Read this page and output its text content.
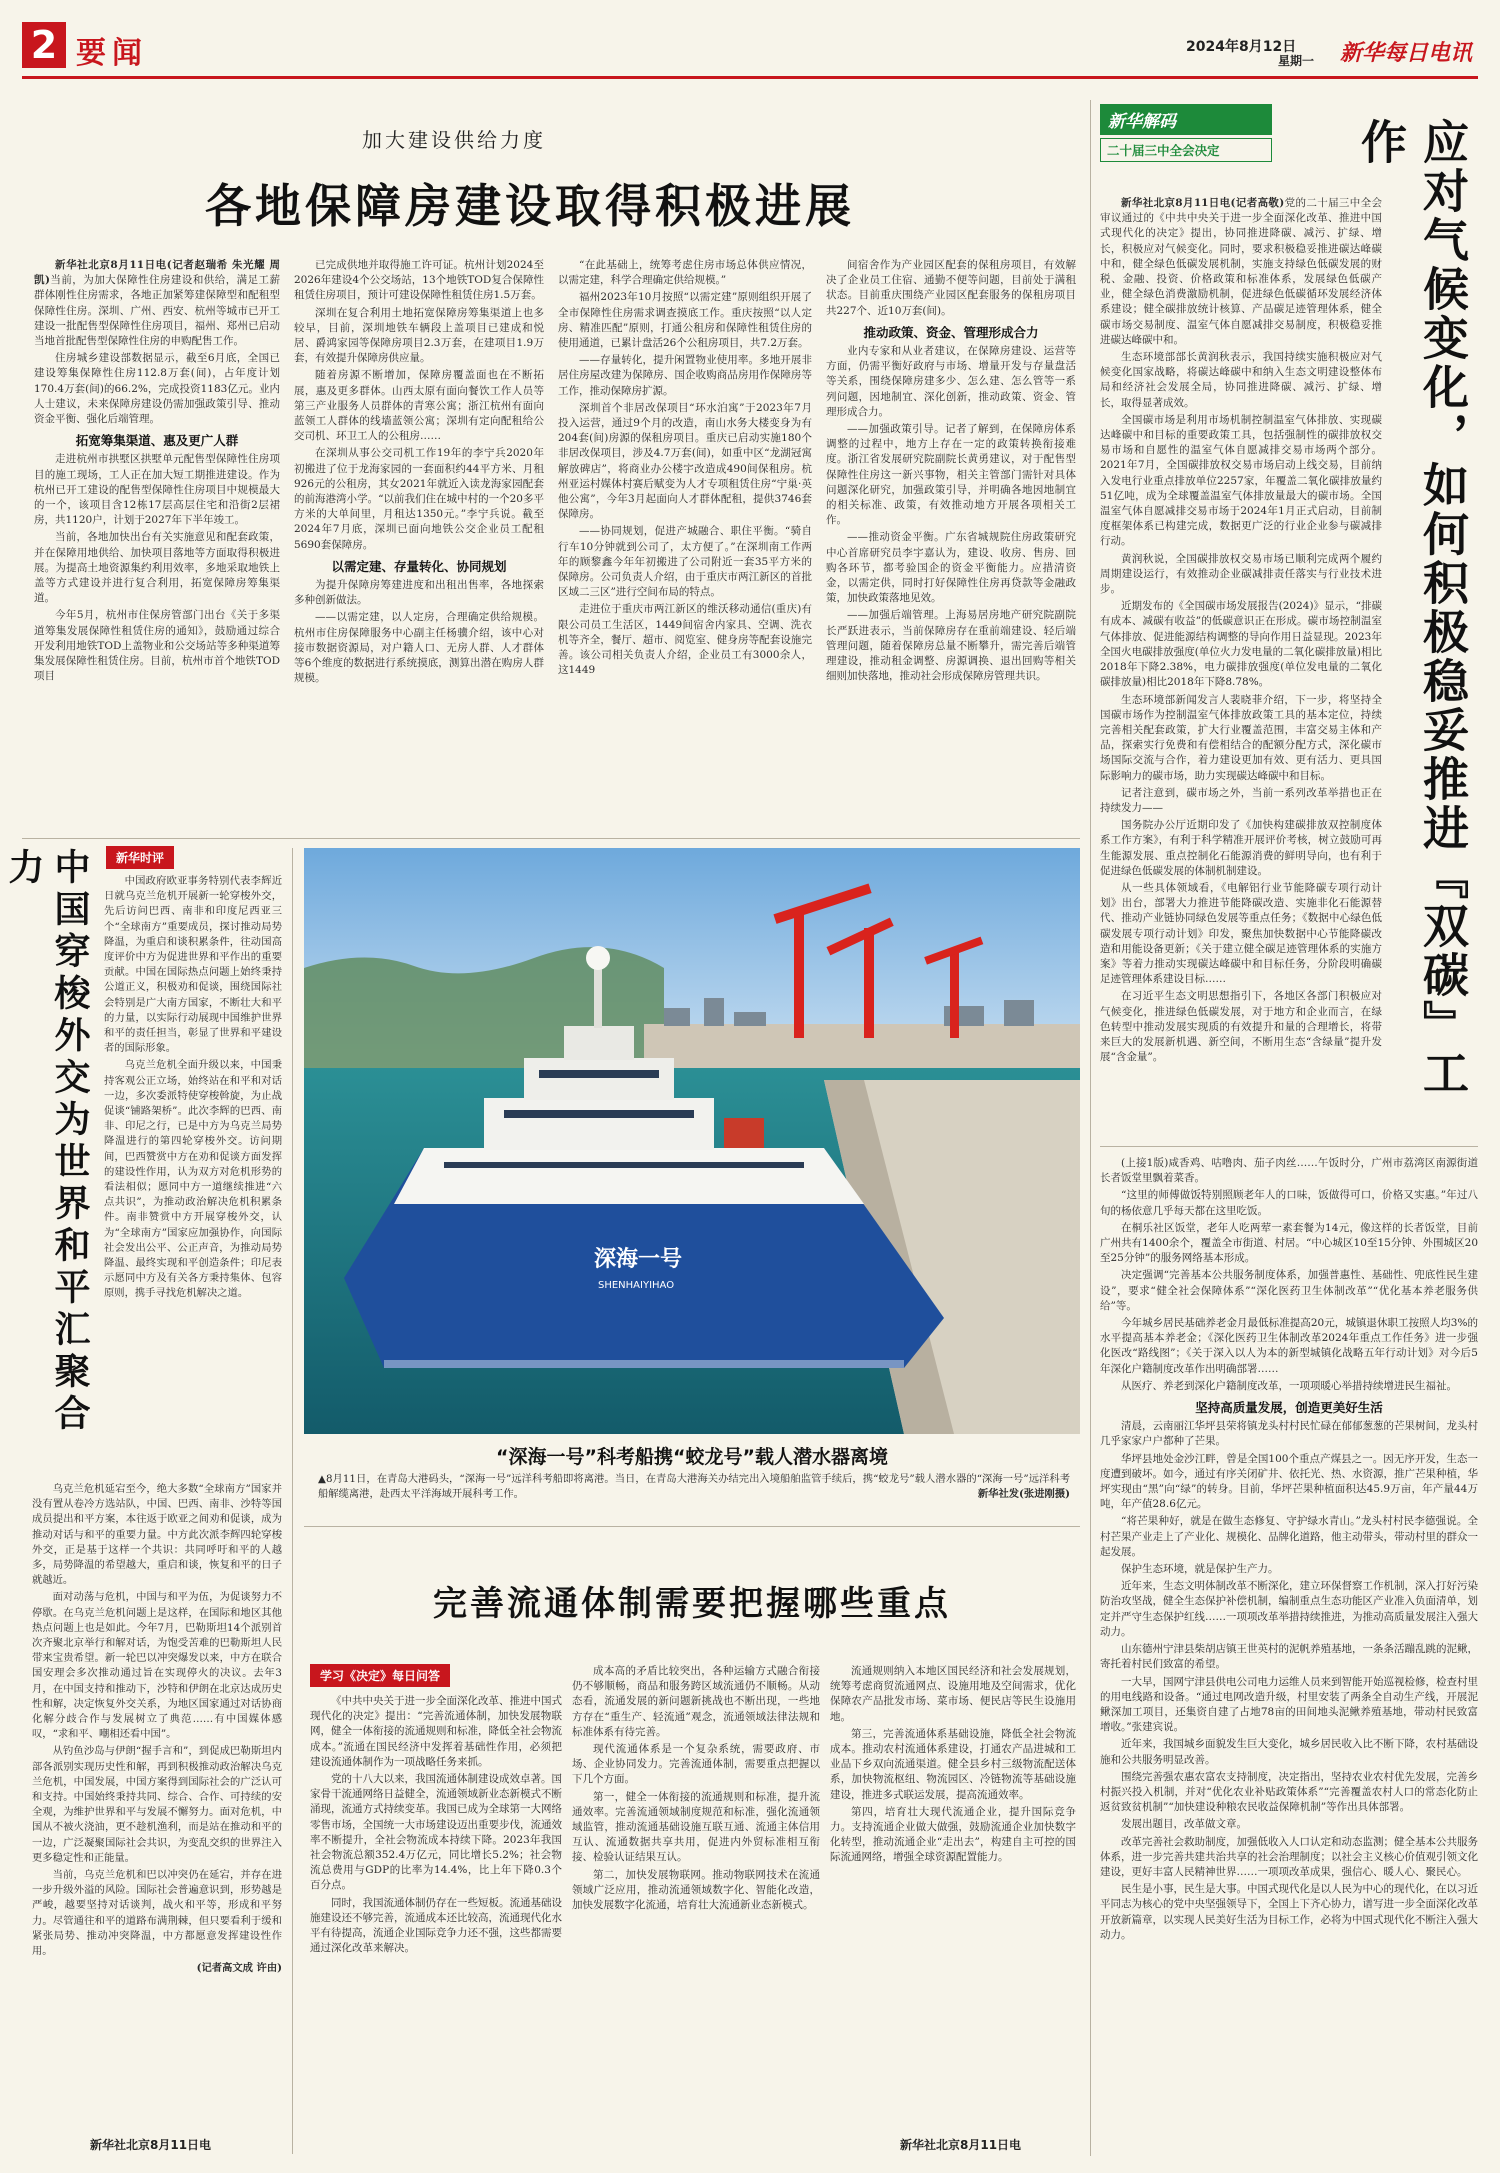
2 要闻	2024年8月12日
星期一 新华每日电讯
加大建设供给力度
各地保障房建设取得积极进展

新华社北京8月11日电(记者赵瑞希 朱光耀 周凯)当前，为加大保障性住房建设和供给，满足工薪群体刚性住房需求，各地正加紧筹建保障型和配租型保障性住房。深圳、广州、西安、杭州等城市已开工建设一批配售型保障性住房项目，福州、郑州已启动当地首批配售型保障性住房的申购配售工作。

住房城乡建设部数据显示，截至6月底，全国已建设筹集保障性住房112.8万套(间)，占年度计划170.4万套(间)的66.2%，完成投资1183亿元。业内人士建议，未来保障房建设仍需加强政策引导、推动资金平衡、强化后端管理。

拓宽筹集渠道、惠及更广人群

走进杭州市拱墅区拱墅单元配售型保障性住房项目的施工现场，工人正在加大短工期推进建设。作为杭州已开工建设的配售型保障性住房项目中规模最大的一个，该项目含12栋17层高层住宅和沿街2层裙房，共1120户，计划于2027年下半年竣工。

当前，各地加快出台有关实施意见和配套政策，并在保障用地供给、加快项目落地等方面取得积极进展。为提高土地资源集约利用效率，多地采取地铁上盖等方式建设并进行复合利用，拓宽保障房筹集渠道。

今年5月，杭州市住保房管部门出台《关于多渠道筹集发展保障性租赁住房的通知》，鼓励通过综合开发利用地铁TOD上盖物业和公交场站等多种渠道筹集发展保障性租赁住房。目前，杭州市首个地铁TOD项目

已完成供地并取得施工许可证。杭州计划2024至2026年建设4个公交场站，13个地铁TOD复合保障性租赁住房项目，预计可建设保障性租赁住房1.5万套。

深圳在复合利用土地拓宽保障房筹集渠道上也多较早，目前，深圳地铁车辆段上盖项目已建成和悦居、爵鸿家园等保障房项目2.3万套，在建项目1.9万套，有效提升保障房供应量。

随着房源不断增加，保障房覆盖面也在不断拓展，惠及更多群体。山西太原有面向餐饮工作人员等第三产业服务人员群体的青寒公寓；浙江杭州有面向蓝领工人群体的线墙蓝领公寓；深圳有定向配租给公交司机、环卫工人的公租房……

在深圳从事公交司机工作19年的李宁兵2020年初搬进了位于龙海家园的一套面积约44平方米、月租926元的公租房，其女2021年就近入读龙海家园配套的前海港湾小学。“以前我们住在城中村的一个20多平方米的大单间里，月租达1350元。”李宁兵说。截至2024年7月底，深圳已面向地铁公交企业员工配租5690套保障房。

以需定建、存量转化、协同规划

为提升保障房筹建进度和出租出售率，各地探索多种创新做法。

——以需定建，以人定房，合理确定供给规模。杭州市住房保障服务中心副主任杨骥介绍，该中心对接市数据资源局，对户籍人口、无房人群、人才群体等6个维度的数据进行系统摸底，测算出潜在购房人群规模。

“在此基础上，统筹考虑住房市场总体供应情况，以需定建，科学合理确定供给规模。”

福州2023年10月按照“以需定建”原则组织开展了全市保障性住房需求调查摸底工作。重庆按照“以人定房、精准匹配”原则，打通公租房和保障性租赁住房的使用通道，已累计盘活26个公租房项目，共7.2万套。

——存量转化，提升闲置物业使用率。多地开展非居住房屋改建为保障房、国企收购商品房用作保障房等工作，推动保障房扩源。

深圳首个非居改保项目“环水泊寓”于2023年7月投入运营，通过9个月的改造，南山水务大楼变身为有204套(间)房源的保租房项目。重庆已启动实施180个非居改保项目，涉及4.7万套(间)，如重中区“龙湖冠寓解放碑店”，将商业办公楼宇改造成490间保租房。杭州亚运村媒体村赛后赋变为人才专项租赁住房“宁巢·英他公寓”，今年3月起面向人才群体配租，提供3746套保障房。

——协同规划，促进产城融合、职住平衡。“骑自行车10分钟就到公司了，太方便了。”在深圳南工作两年的顾黎鑫今年年初搬进了公司附近一套35平方米的保障房。公司负责人介绍，由于重庆市两江新区的首批区域二三区”进行空间布局的特点。

走进位于重庆市两江新区的维沃移动通信(重庆)有限公司员工生活区，1449间宿舍内家具、空调、洗衣机等齐全，餐厅、超市、阅览室、健身房等配套设施完善。该公司相关负责人介绍，企业员工有3000余人，这1449

间宿舍作为产业园区配套的保租房项目，有效解决了企业员工住宿、通勤不便等问题，目前处于满租状态。目前重庆围绕产业园区配套服务的保租房项目共227个、近10万套(间)。

推动政策、资金、管理形成合力

业内专家和从业者建议，在保障房建设、运营等方面，仍需平衡好政府与市场、增量开发与存量盘活等关系，围绕保障房建多少、怎么建、怎么管等一系列问题，因地制宜、深化创新，推动政策、资金、管理形成合力。

——加强政策引导。记者了解到，在保障房体系调整的过程中，地方上存在一定的政策转换衔接难度。浙江省发展研究院副院长黄勇建议，对于配售型保障性住房这一新兴事物，相关主管部门需针对具体问题深化研究，加强政策引导，并明确各地因地制宜的相关标准、政策，有效推动地方开展各项相关工作。

——推动资金平衡。广东省城规院住房政策研究中心首席研究员李宇嘉认为，建设、收房、售房、回购各环节，都考验国企的资金平衡能力。应措清资金，以需定供，同时打好保障性住房再贷款等金融政策，加快政策落地见效。

——加强后端管理。上海易居房地产研究院副院长严跃进表示，当前保障房存在重前端建设、轻后端管理问题，随着保障房总量不断攀升，需完善后端管理建设，推动租金调整、房源调换、退出回购等相关细则加快落地，推动社会形成保障房管理共识。

新华解码
二十届三中全会决定	应对气候变化，如何积极稳妥推进『双碳』工作

新华社北京8月11日电(记者高敬)党的二十届三中全会审议通过的《中共中央关于进一步全面深化改革、推进中国式现代化的决定》提出，协同推进降碳、减污、扩绿、增长，积极应对气候变化。同时，要求积极稳妥推进碳达峰碳中和，健全绿色低碳发展机制，实施支持绿色低碳发展的财税、金融、投资、价格政策和标准体系，发展绿色低碳产业，健全绿色消费激励机制，促进绿色低碳循环发展经济体系建设；健全碳排放统计核算、产品碳足迹管理体系，健全碳市场交易制度、温室气体自愿减排交易制度，积极稳妥推进碳达峰碳中和。

生态环境部部长黄润秋表示，我国持续实施积极应对气候变化国家战略，将碳达峰碳中和纳入生态文明建设整体布局和经济社会发展全局，协同推进降碳、减污、扩绿、增长，取得显著成效。

全国碳市场是利用市场机制控制温室气体排放、实现碳达峰碳中和目标的重要政策工具，包括强制性的碳排放权交易市场和自愿性的温室气体自愿减排交易市场两个部分。2021年7月，全国碳排放权交易市场启动上线交易，目前纳入发电行业重点排放单位2257家，年覆盖二氧化碳排放量约51亿吨，成为全球覆盖温室气体排放量最大的碳市场。全国温室气体自愿减排交易市场于2024年1月正式启动，目前制度框架体系已构建完成，数据更广泛的行业企业参与碳减排行动。

黄润秋说，全国碳排放权交易市场已顺利完成两个履约周期建设运行，有效推动企业碳减排责任落实与行业技术进步。

近期发布的《全国碳市场发展报告(2024)》显示，“排碳有成本、减碳有收益”的低碳意识正在形成。碳市场控制温室气体排放、促进能源结构调整的导向作用日益显现。2023年全国火电碳排放强度(单位火力发电量的二氧化碳排放量)相比2018年下降2.38%，电力碳排放强度(单位发电量的二氧化碳排放量)相比2018年下降8.78%。

生态环境部新闻发言人裴晓菲介绍，下一步，将坚持全国碳市场作为控制温室气体排放政策工具的基本定位，持续完善相关配套政策，扩大行业覆盖范围，丰富交易主体和产品，探索实行免费和有偿相结合的配额分配方式，深化碳市场国际交流与合作，着力建设更加有效、更有活力、更具国际影响力的碳市场，助力实现碳达峰碳中和目标。

记者注意到，碳市场之外，当前一系列改革举措也正在持续发力——

国务院办公厅近期印发了《加快构建碳排放双控制度体系工作方案》，有利于科学精准开展评价考核，树立鼓励可再生能源发展、重点控制化石能源消费的鲜明导向，也有利于促进绿色低碳发展的体制机制建设。

从一些具体领域看，《电解铝行业节能降碳专项行动计划》出台，部署大力推进节能降碳改造、实施非化石能源替代、推动产业链协同绿色发展等重点任务；《数据中心绿色低碳发展专项行动计划》印发，聚焦加快数据中心节能降碳改造和用能设备更新；《关于建立健全碳足迹管理体系的实施方案》等着力推动实现碳达峰碳中和目标任务，分阶段明确碳足迹管理体系建设目标……

在习近平生态文明思想指引下，各地区各部门积极应对气候变化，推进绿色低碳发展，对于地方和企业而言，在绿色转型中推动发展实现质的有效提升和量的合理增长，将带来巨大的发展新机遇、新空间，不断用生态“含绿量”提升发展“含金量”。

(上接1版)咸香鸡、咕噜肉、茄子肉丝……午饭时分，广州市荔湾区南源街道长者饭堂里飘着菜香。

“这里的师傅做饭特别照顾老年人的口味，饭做得可口，价格又实惠。”年过八旬的杨依意几乎每天都在这里吃饭。

在桐乐社区饭堂，老年人吃两荤一素套餐为14元，像这样的长者饭堂，目前广州共有1400余个，覆盖全市街道、村居。“中心城区10至15分钟、外围城区20至25分钟”的服务网络基本形成。

决定强调“完善基本公共服务制度体系，加强普惠性、基础性、兜底性民生建设”，要求“健全社会保障体系”“深化医药卫生体制改革”“优化基本养老服务供给”等。

今年城乡居民基础养老金月最低标准提高20元，城镇退休职工按照人均3%的水平提高基本养老金；《深化医药卫生体制改革2024年重点工作任务》进一步强化医改“路线图”；《关于深入以人为本的新型城镇化战略五年行动计划》对今后5年深化户籍制度改革作出明确部署……

从医疗、养老到深化户籍制度改革，一项项暖心举措持续增进民生福祉。

坚持高质量发展，创造更美好生活

清晨，云南丽江华坪县荣将镇龙头村村民忙碌在郁郁葱葱的芒果树间，龙头村几乎家家户户都种了芒果。

华坪县地处金沙江畔，曾是全国100个重点产煤县之一。因无序开发，生态一度遭到破坏。如今，通过有序关闭矿井、依托光、热、水资源，推广芒果种植，华坪实现由“黑”向“绿”的转身。目前，华坪芒果种植面积达45.9万亩，年产量44万吨，年产值28.6亿元。

“将芒果种好，就是在做生态修复、守护绿水青山。”龙头村村民李德强说。全村芒果产业走上了产业化、规模化、品牌化道路，他主动带头，带动村里的群众一起发展。

保护生态环境，就是保护生产力。

近年来，生态文明体制改革不断深化，建立环保督察工作机制，深入打好污染防治攻坚战，健全生态保护补偿机制，编制重点生态功能区产业准入负面清单，划定并严守生态保护红线……一项项改革举措持续推进，为推动高质量发展注入强大动力。

山东德州宁津县柴胡店镇王世英村的泥帆养殖基地，一条条活蹦乱跳的泥鳅，寄托着村民们致富的希望。

一大早，国网宁津县供电公司电力运维人员来到智能开始巡视检修，检查村里的用电线路和设备。“通过电网改造升级，村里安装了两条全自动生产线，开展泥鳅深加工项目，还集资自建了占地78亩的田间地头泥鳅养殖基地，带动村民致富增收。”张建宾说。

近年来，我国城乡面貌发生巨大变化，城乡居民收入比不断下降，农村基础设施和公共服务明显改善。

围绕完善强农惠农富农支持制度，决定指出，坚持农业农村优先发展，完善乡村振兴投入机制，并对“优化农业补贴政策体系”“完善覆盖农村人口的常态化防止返贫致贫机制”“加快建设种粮农民收益保障机制”等作出具体部署。

发展出题目，改革做文章。

改革完善社会救助制度，加强低收入人口认定和动态监测；健全基本公共服务体系，进一步完善共建共治共享的社会治理制度；以社会主义核心价值观引领文化建设，更好丰富人民精神世界……一项项改革成果，强信心、暖人心、聚民心。

民生是小事，民生是大事。中国式现代化是以人民为中心的现代化，在以习近平同志为核心的党中央坚强领导下，全国上下齐心协力，谱写进一步全面深化改革开放新篇章，以实现人民美好生活为目标工作，必将为中国式现代化不断注入强大动力。

中国穿梭外交为世界和平汇聚合力	新华时评

中国政府欧亚事务特别代表李辉近日就乌克兰危机开展新一轮穿梭外交，先后访问巴西、南非和印度尼西亚三个“全球南方”重要成员，探讨推动局势降温，为重启和谈积累条件，往动国高度评价中方为促进世界和平作出的重要贡献。中国在国际热点问题上始终秉持公道正义，积极劝和促谈，围绕国际社会特别是广大南方国家，不断壮大和平的力量，以实际行动展现中国维护世界和平的责任担当，彰显了世界和平建设者的国际形象。

乌克兰危机全面升级以来，中国秉持客观公正立场，始终站在和平和对话一边，多次委派特使穿梭斡旋，为止战促谈“铺路架桥”。此次李辉的巴西、南非、印尼之行，已是中方为乌克兰局势降温进行的第四轮穿梭外交。访问期间，巴西赞赏中方在劝和促谈方面发挥的建设性作用，认为双方对危机形势的看法相似；愿同中方一道继续推进“六点共识”，为推动政治解决危机积累条件。南非赞赏中方开展穿梭外交，认为“全球南方”国家应加强协作，向国际社会发出公平、公正声音，为推动局势降温、最终实现和平创造条件；印尼表示愿同中方及有关各方秉持集体、包容原则，携手寻找危机解决之道。

乌克兰危机延宕至今，绝大多数“全球南方”国家并没有置从卷冷方选站队，中国、巴西、南非、沙特等国成员提出和平方案，本往返于欧亚之间劝和促谈，成为推动对话与和平的重要力量。中方此次派李辉四轮穿梭外交，正是基于这样一个共识：共同呼吁和平的人越多，局势降温的希望越大，重启和谈，恢复和平的日子就越近。

面对动荡与危机，中国与和平为伍，为促谈努力不停歇。在乌克兰危机问题上是这样，在国际和地区其他热点问题上也是如此。今年7月，巴勒斯坦14个派别首次齐聚北京举行和解对话，为饱受苦难的巴勒斯坦人民带来宝贵希望。新一轮巴以冲突爆发以来，中方在联合国安理会多次推动通过旨在实现停火的决议。去年3月，在中国支持和推动下，沙特和伊朗在北京达成历史性和解，决定恢复外交关系，为地区国家通过对话协商化解分歧合作与发展树立了典范……有中国媒体感叹，“求和平、嘲相还看中国”。

从钓鱼沙岛与伊朗“握手言和”，到促成巴勒斯坦内部各派别实现历史性和解，再到积极推动政治解决乌克兰危机，中国发展，中国方案得到国际社会的广泛认可和支持。中国始终秉持共同、综合、合作、可持续的安全观，为维护世界和平与发展不懈努力。面对危机，中国从不被火浇油，更不趁机渔利，而是站在推动和平的一边，广泛凝聚国际社会共识，为变乱交织的世界注入更多稳定性和正能量。

当前，乌克兰危机和巴以冲突仍在延宕，并存在进一步升级外溢的风险。国际社会普遍意识到，形势越是严峻，越要坚持对话谈判，战火和平等，形成和平努力。尽管通往和平的道路布满荆棘，但只要看利于缓和紧张局势、推动冲突降温，中方都愿意发挥建设性作用。

(记者高文成 许由)
新华社北京8月11日电
深海一号
SHENHAIYIHAO
“深海一号”科考船携“蛟龙号”载人潜水器离境
▲8月11日，在青岛大港码头，“深海一号”远洋科考船即将离港。当日，在青岛大港海关办结完出入境船舶监管手续后，携“蛟龙号”载人潜水器的“深海一号”远洋科考船解缆离港，赴西太平洋海域开展科考工作。	新华社发(张进刚摄)
完善流通体制需要把握哪些重点
学习《决定》每日问答

《中共中央关于进一步全面深化改革、推进中国式现代化的决定》提出：“完善流通体制，加快发展物联网，健全一体衔接的流通规则和标准，降低全社会物流成本。”流通在国民经济中发挥着基础性作用，必须把建设流通体制作为一项战略任务来抓。

党的十八大以来，我国流通体制建设成效卓著。国家骨干流通网络日益健全，流通领域新业态新模式不断涌现，流通方式持续变革。我国已成为全球第一大网络零售市场，全国统一大市场建设迈出重要步伐，流通效率不断提升，全社会物流成本持续下降。2023年我国社会物流总额352.4万亿元，同比增长5.2%；社会物流总费用与GDP的比率为14.4%，比上年下降0.3个百分点。

同时，我国流通体制仍存在一些短板。流通基础设施建设还不够完善，流通成本还比较高，流通现代化水平有待提高，流通企业国际竞争力还不强，这些都需要通过深化改革来解决。

成本高的矛盾比较突出，各种运输方式融合衔接仍不够顺畅，商品和服务跨区域流通仍不顺畅。从动态看，流通发展的新问题新挑战也不断出现，一些地方存在“重生产、轻流通”观念，流通领域法律法规和标准体系有待完善。

现代流通体系是一个复杂系统，需要政府、市场、企业协同发力。完善流通体制，需要重点把握以下几个方面。

第一，健全一体衔接的流通规则和标准，提升流通效率。完善流通领域制度规范和标准，强化流通领域监管，推动流通基础设施互联互通、流通主体信用互认、流通数据共享共用，促进内外贸标准相互衔接、检验认证结果互认。

第二，加快发展物联网。推动物联网技术在流通领域广泛应用，推动流通领域数字化、智能化改造，加快发展数字化流通，培育壮大流通新业态新模式。

流通规则纳入本地区国民经济和社会发展规划，统筹考虑商贸流通网点、设施用地及空间需求，优化保障农产品批发市场、菜市场、便民店等民生设施用地。

第三，完善流通体系基础设施，降低全社会物流成本。推动农村流通体系建设，打通农产品进城和工业品下乡双向流通渠道。健全县乡村三级物流配送体系，加快物流枢纽、物流园区、冷链物流等基础设施建设，推进多式联运发展，提高流通效率。

第四，培育壮大现代流通企业，提升国际竞争力。支持流通企业做大做强，鼓励流通企业加快数字化转型，推动流通企业“走出去”，构建自主可控的国际流通网络，增强全球资源配置能力。

新华社北京8月11日电
